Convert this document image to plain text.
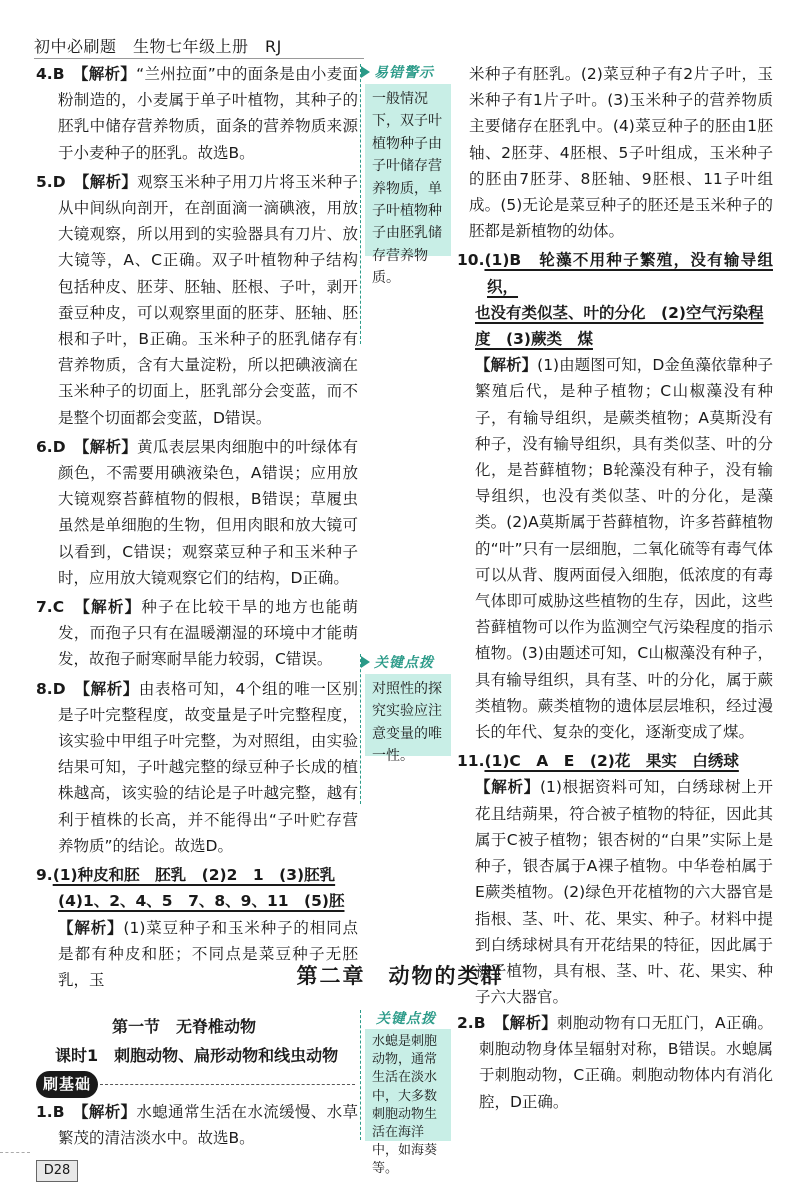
初中必刷题　生物七年级上册　RJ

4.B　 【解析】“兰州拉面”中的面条是由小麦面粉制造的，小麦属于单子叶植物，其种子的胚乳中储存营养物质，面条的营养物质来源于小麦种子的胚乳。故选B。

5.D　 【解析】观察玉米种子用刀片将玉米种子从中间纵向剖开，在剖面滴一滴碘液，用放大镜观察，所以用到的实验器具有刀片、放大镜等，A、C正确。双子叶植物种子结构包括种皮、胚芽、胚轴、胚根、子叶，剥开蚕豆种皮，可以观察里面的胚芽、胚轴、胚根和子叶，B正确。玉米种子的胚乳储存有营养物质，含有大量淀粉，所以把碘液滴在玉米种子的切面上，胚乳部分会变蓝，而不是整个切面都会变蓝，D错误。

6.D　 【解析】黄瓜表层果肉细胞中的叶绿体有颜色，不需要用碘液染色，A错误；应用放大镜观察苔藓植物的假根，B错误；草履虫虽然是单细胞的生物，但用肉眼和放大镜可以看到，C错误；观察菜豆种子和玉米种子时，应用放大镜观察它们的结构，D正确。

7.C　 【解析】种子在比较干旱的地方也能萌发，而孢子只有在温暖潮湿的环境中才能萌发，故孢子耐寒耐旱能力较弱，C错误。

8.D　 【解析】由表格可知，4个组的唯一区别是子叶完整程度，故变量是子叶完整程度，该实验中甲组子叶完整，为对照组，由实验结果可知，子叶越完整的绿豆种子长成的植株越高，该实验的结论是子叶越完整，越有利于植株的长高，并不能得出“子叶贮存营养物质”的结论。故选D。

9.(1)种皮和胚　胚乳　(2)2　1　(3)胚乳

(4)1、2、4、5　7、8、9、11　(5)胚

【解析】(1)菜豆种子和玉米种子的相同点是都有种皮和胚；不同点是菜豆种子无胚乳，玉

易错警示
一般情况下，双子叶植物种子由子叶储存营养物质，单子叶植物种子由胚乳储存营养物质。
关键点拨
对照性的探究实验应注意变量的唯一性。

米种子有胚乳。(2)菜豆种子有2片子叶，玉米种子有1片子叶。(3)玉米种子的营养物质主要储存在胚乳中。(4)菜豆种子的胚由1胚轴、2胚芽、4胚根、5子叶组成，玉米种子的胚由7胚芽、8胚轴、9胚根、11子叶组成。(5)无论是菜豆种子的胚还是玉米种子的胚都是新植物的幼体。

10.(1)B　轮藻不用种子繁殖，没有输导组织，

也没有类似茎、叶的分化　(2)空气污染程

度　(3)蕨类　煤

【解析】(1)由题图可知，D金鱼藻依靠种子繁殖后代，是种子植物；C山椒藻没有种子，有输导组织，是蕨类植物；A莫斯没有种子，没有输导组织，具有类似茎、叶的分化，是苔藓植物；B轮藻没有种子，没有输导组织，也没有类似茎、叶的分化，是藻类。(2)A莫斯属于苔藓植物，许多苔藓植物的“叶”只有一层细胞，二氧化硫等有毒气体可以从背、腹两面侵入细胞，低浓度的有毒气体即可威胁这些植物的生存，因此，这些苔藓植物可以作为监测空气污染程度的指示植物。(3)由题述可知，C山椒藻没有种子，具有输导组织，具有茎、叶的分化，属于蕨类植物。蕨类植物的遗体层层堆积，经过漫长的年代、复杂的变化，逐渐变成了煤。

11.(1)C　A　E　(2)花　果实　白绣球

【解析】(1)根据资料可知，白绣球树上开花且结蒴果，符合被子植物的特征，因此其属于C被子植物；银杏树的“白果”实际上是种子，银杏属于A裸子植物。中华卷柏属于E蕨类植物。(2)绿色开花植物的六大器官是指根、茎、叶、花、果实、种子。材料中提到白绣球树具有开花结果的特征，因此属于被子植物，具有根、茎、叶、花、果实、种子六大器官。

第二章　动物的类群
第一节　无脊椎动物
课时1　刺胞动物、扁形动物和线虫动物
刷基础

1.B　 【解析】水螅通常生活在水流缓慢、水草繁茂的清洁淡水中。故选B。

关键点拨
水螅是刺胞动物，通常生活在淡水中，大多数刺胞动物生活在海洋中，如海葵等。

2.B　 【解析】刺胞动物有口无肛门，A正确。刺胞动物身体呈辐射对称，B错误。水螅属于刺胞动物，C正确。刺胞动物体内有消化腔，D正确。

D28
